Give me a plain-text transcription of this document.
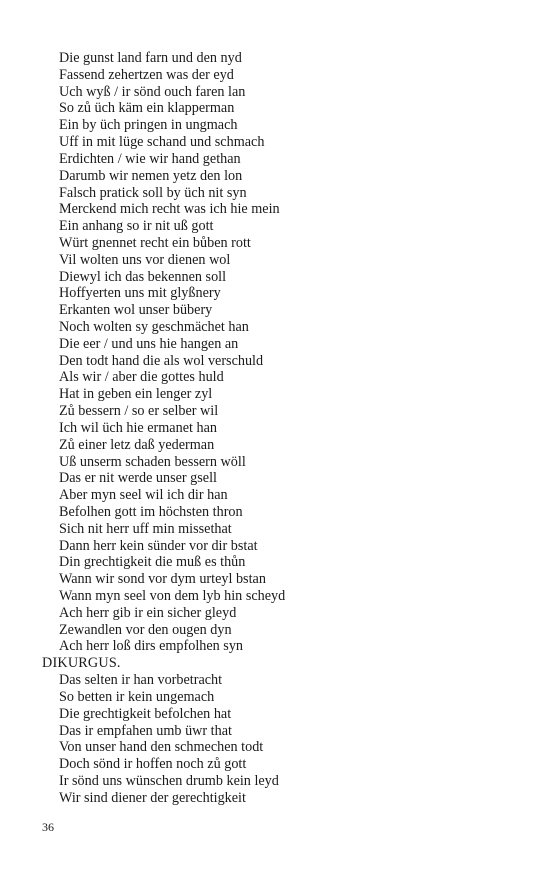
Die gunst land farn und den nyd
Fassend zehertzen was der eyd
Uch wyß / ir sönd ouch faren lan
So zů üch käm ein klapperman
Ein by üch pringen in ungmach
Uff in mit lüge schand und schmach
Erdichten / wie wir hand gethan
Darumb wir nemen yetz den lon
Falsch pratick soll by üch nit syn
Merckend mich recht was ich hie mein
Ein anhang so ir nit uß gott
Würt gnennet recht ein bůben rott
Vil wolten uns vor dienen wol
Diewyl ich das bekennen soll
Hoffyerten uns mit glyßnery
Erkanten wol unser bübery
Noch wolten sy geschmächet han
Die eer / und uns hie hangen an
Den todt hand die als wol verschuld
Als wir / aber die gottes huld
Hat in geben ein lenger zyl
Zů bessern / so er selber wil
Ich wil üch hie ermanet han
Zů einer letz daß yederman
Uß unserm schaden bessern wöll
Das er nit werde unser gsell
Aber myn seel wil ich dir han
Befolhen gott im höchsten thron
Sich nit herr uff min missethat
Dann herr kein sünder vor dir bstat
Din grechtigkeit die muß es thůn
Wann wir sond vor dym urteyl bstan
Wann myn seel von dem lyb hin scheyd
Ach herr gib ir ein sicher gleyd
Zewandlen vor den ougen dyn
Ach herr loß dirs empfolhen syn
DIKURGUS.
Das selten ir han vorbetracht
So betten ir kein ungemach
Die grechtigkeit befolchen hat
Das ir empfahen umb üwr that
Von unser hand den schmechen todt
Doch sönd ir hoffen noch zů gott
Ir sönd uns wünschen drumb kein leyd
Wir sind diener der gerechtigkeit
36
